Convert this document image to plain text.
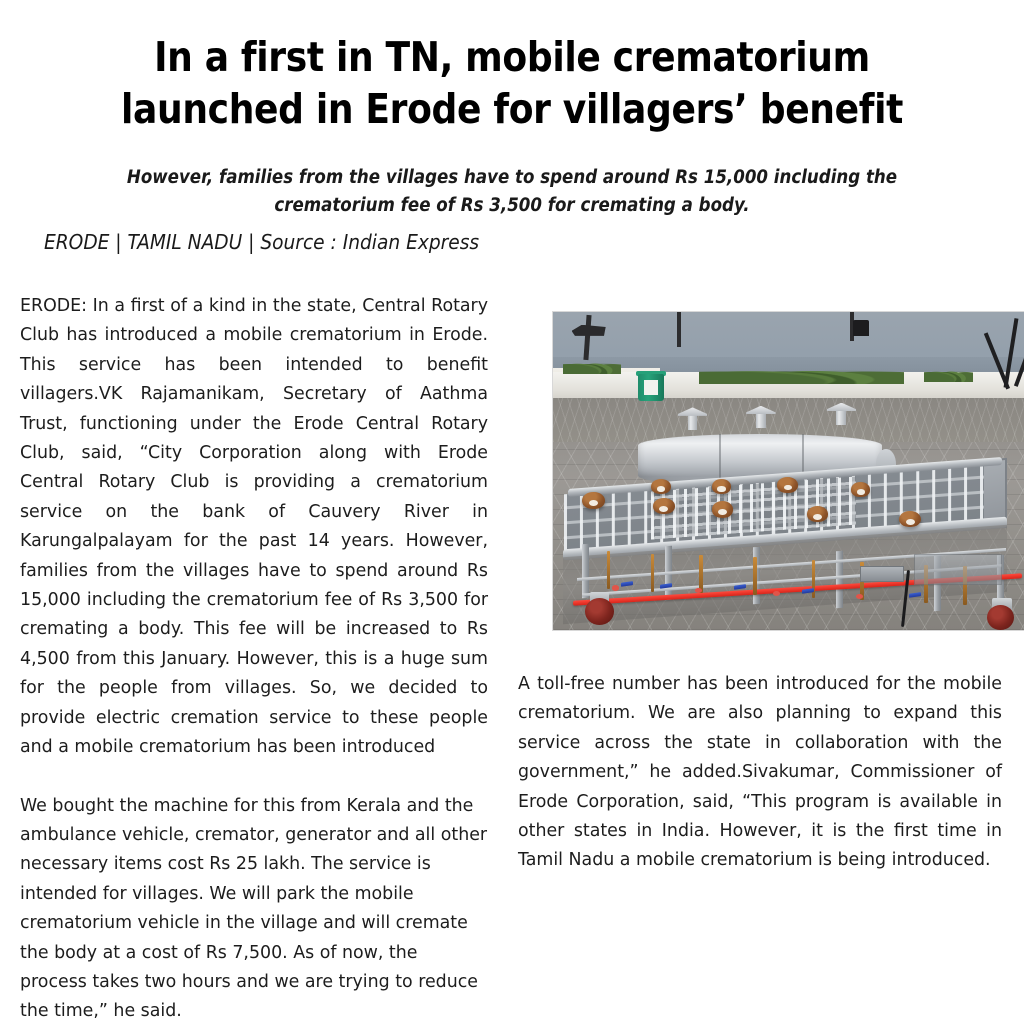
In a first in TN, mobile crematorium launched in Erode for villagers’ benefit

However, families from the villages have to spend around Rs 15,000 including the crematorium fee of Rs 3,500 for cremating a body.

ERODE | TAMIL NADU | Source : Indian Express

ERODE: In a first of a kind in the state, Central Rotary Club has introduced a mobile crematorium in Erode. This service has been intended to benefit villagers.VK Rajamanikam, Secretary of Aathma Trust, functioning under the Erode Central Rotary Club, said, “City Corporation along with Erode Central Rotary Club is providing a crematorium service on the bank of Cauvery River in Karungalpalayam for the past 14 years. However, families from the villages have to spend around Rs 15,000 including the crematorium fee of Rs 3,500 for cremating a body. This fee will be increased to Rs 4,500 from this January. However, this is a huge sum for the people from villages. So, we decided to provide electric cremation service to these people and a mobile crematorium has been introduced

We bought the machine for this from Kerala and the ambulance vehicle, cremator, generator and all other necessary items cost Rs 25 lakh. The service is intended for villages. We will park the mobile crematorium vehicle in the village and will cremate the body at a cost of Rs 7,500. As of now, the process takes two hours and we are trying to reduce the time,” he said.

A toll-free number has been introduced for the mobile crematorium. We are also planning to expand this service across the state in collaboration with the government,” he added.Sivakumar, Commissioner of Erode Corporation, said, “This program is available in other states in India. However, it is the first time in Tamil Nadu a mobile crematorium is being introduced.
